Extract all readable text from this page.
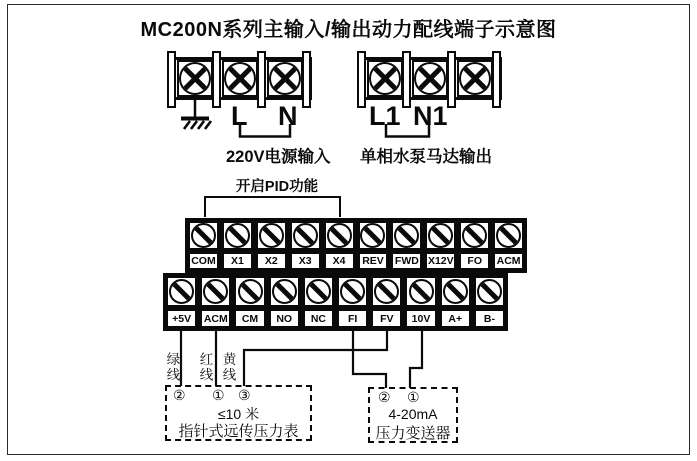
MC200N系列主输入/输出动力配线端子示意图
L N
220V电源输入
L1 N1
单相水泵马达输出
开启PID功能
COM	X1	X2	X3	X4	REV	FWD X12V	FO	ACM
+5V	ACM	CM	NO	NC	FI	FV	10V	A+	B-
绿线 红线 黄线
② ① ③
≤10 米
指针式远传压力表
② ①
4-20mA
压力变送器
